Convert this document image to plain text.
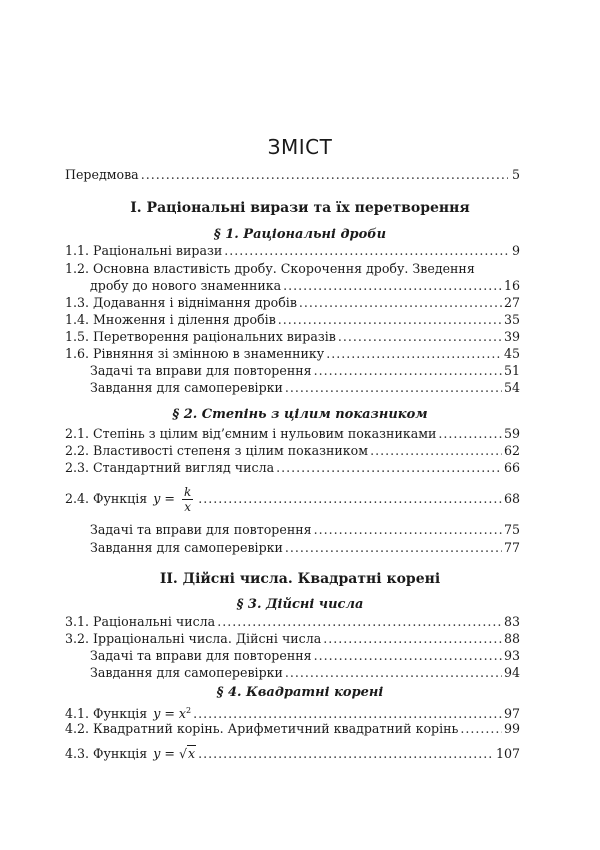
ЗМІСТ
Передмова .....	5
I. Раціональні вирази та їх перетворення
§ 1. Раціональні дроби
1.1. Раціональні вирази .....	9
1.2. Основна властивість дробу. Скорочення дробу. Зведення
дробу до нового знаменника .....	16
1.3. Додавання і віднімання дробів .....	27
1.4. Множення і ділення дробів .....	35
1.5. Перетворення раціональних виразів .....	39
1.6. Рівняння зі змінною в знаменнику .....	45
Задачі та вправи для повторення .....	51
Завдання для самоперевірки .....	54
§ 2. Степінь з цілим показником
2.1. Степінь з цілим від’ємним і нульовим показниками .....	59
2.2. Властивості степеня з цілим показником .....	62
2.3. Стандартний вигляд числа .....	66
2.4. Функція $y = \frac{k}{x}$ .....	68
Задачі та вправи для повторення .....	75
Завдання для самоперевірки .....	77
II. Дійсні числа. Квадратні корені
§ 3. Дійсні числа
3.1. Раціональні числа .....	83
3.2. Ірраціональні числа. Дійсні числа .....	88
Задачі та вправи для повторення .....	93
Завдання для самоперевірки .....	94
§ 4. Квадратні корені
4.1. Функція $y = x^2$ .....	97
4.2. Квадратний корінь. Арифметичний квадратний корінь .....	99
4.3. Функція y = √x .....	107
